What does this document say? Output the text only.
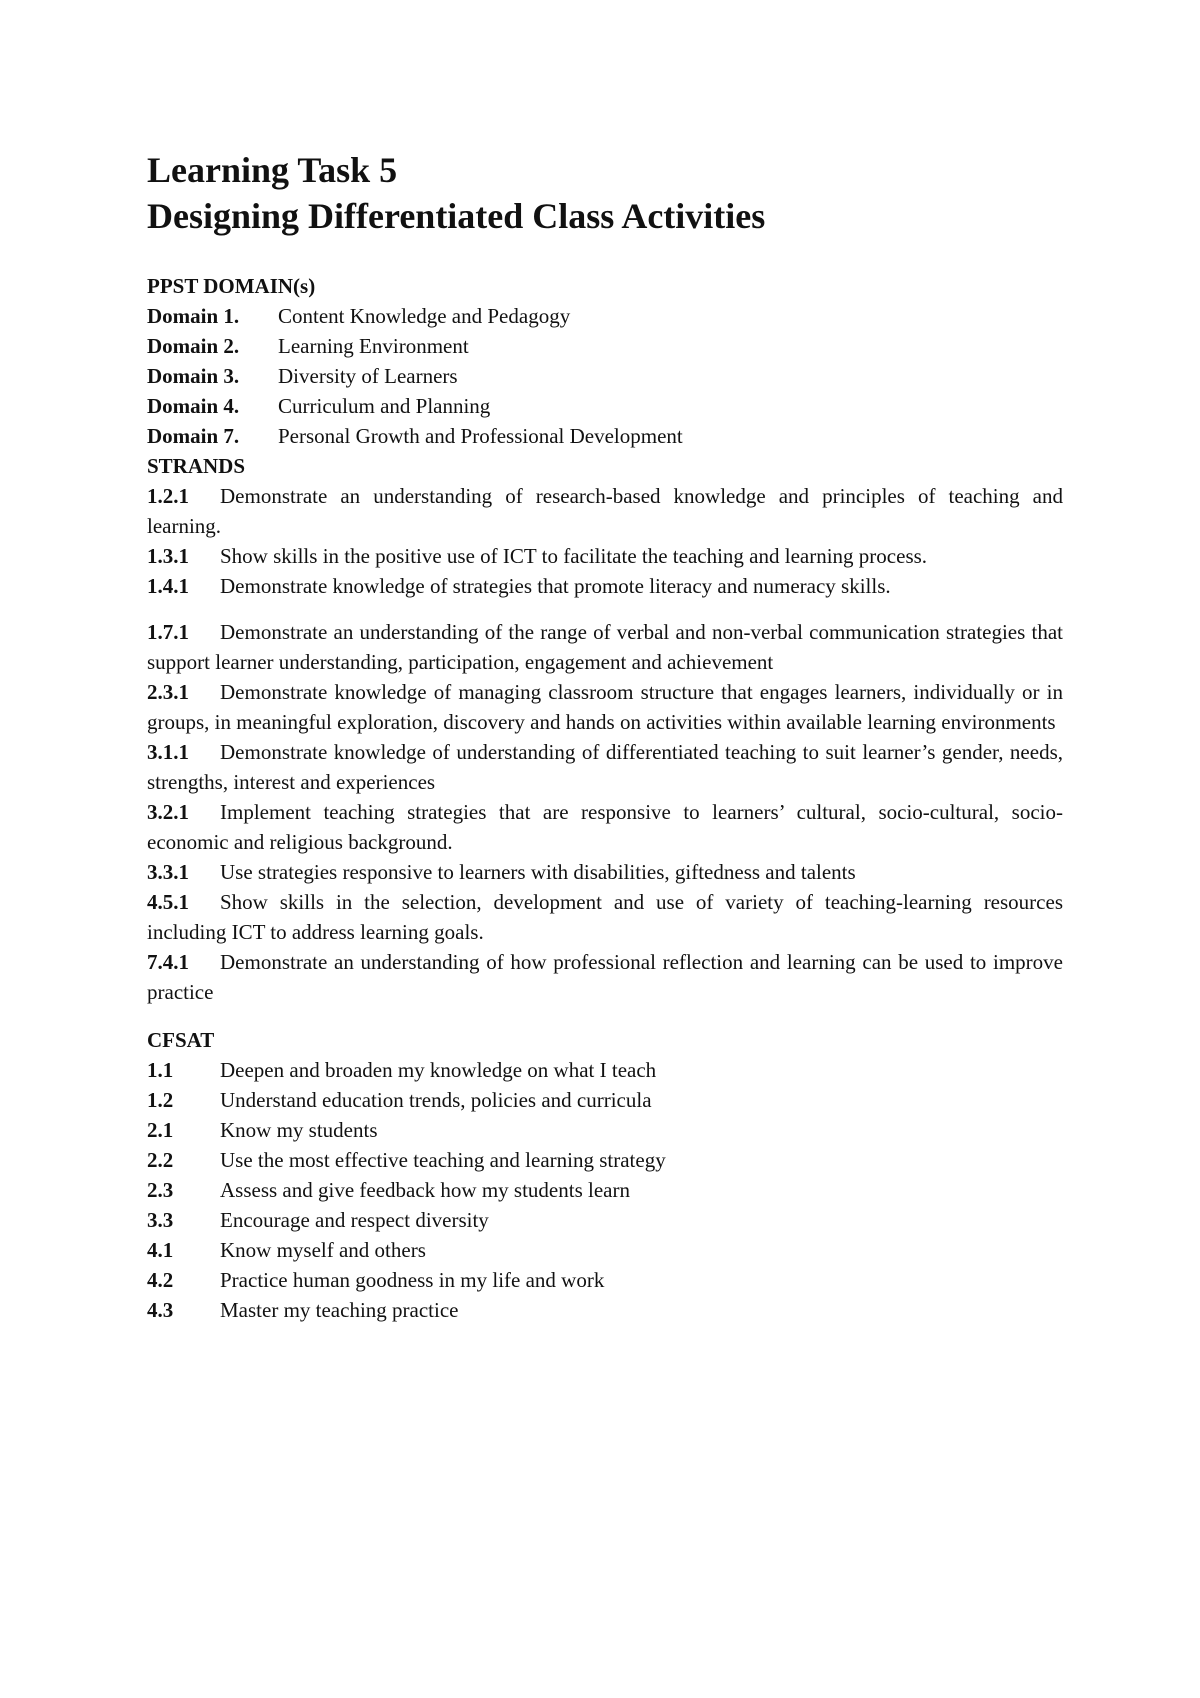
Learning Task 5
Designing Differentiated Class Activities

PPST DOMAIN(s)

Domain 1.	Content Knowledge and Pedagogy
Domain 2.	Learning Environment
Domain 3.	Diversity of Learners
Domain 4.	Curriculum and Planning
Domain 7.	Personal Growth and Professional Development

STRANDS

1.2.1 Demonstrate an understanding of research-based knowledge and principles of teaching and learning.

1.3.1 Show skills in the positive use of ICT to facilitate the teaching and learning process.

1.4.1 Demonstrate knowledge of strategies that promote literacy and numeracy skills.

1.7.1 Demonstrate an understanding of the range of verbal and non-verbal communication strategies that support learner understanding, participation, engagement and achievement

2.3.1 Demonstrate knowledge of managing classroom structure that engages learners, individually or in groups, in meaningful exploration, discovery and hands on activities within available learning environments

3.1.1 Demonstrate knowledge of understanding of differentiated teaching to suit learner’s gender, needs, strengths, interest and experiences

3.2.1 Implement teaching strategies that are responsive to learners’ cultural, socio-cultural, socio-economic and religious background.

3.3.1 Use strategies responsive to learners with disabilities, giftedness and talents

4.5.1 Show skills in the selection, development and use of variety of teaching-learning resources including ICT to address learning goals.

7.4.1 Demonstrate an understanding of how professional reflection and learning can be used to improve practice

CFSAT

1.1	Deepen and broaden my knowledge on what I teach
1.2	Understand education trends, policies and curricula
2.1	Know my students
2.2	Use the most effective teaching and learning strategy
2.3	Assess and give feedback how my students learn
3.3	Encourage and respect diversity
4.1	Know myself and others
4.2	Practice human goodness in my life and work
4.3	Master my teaching practice
